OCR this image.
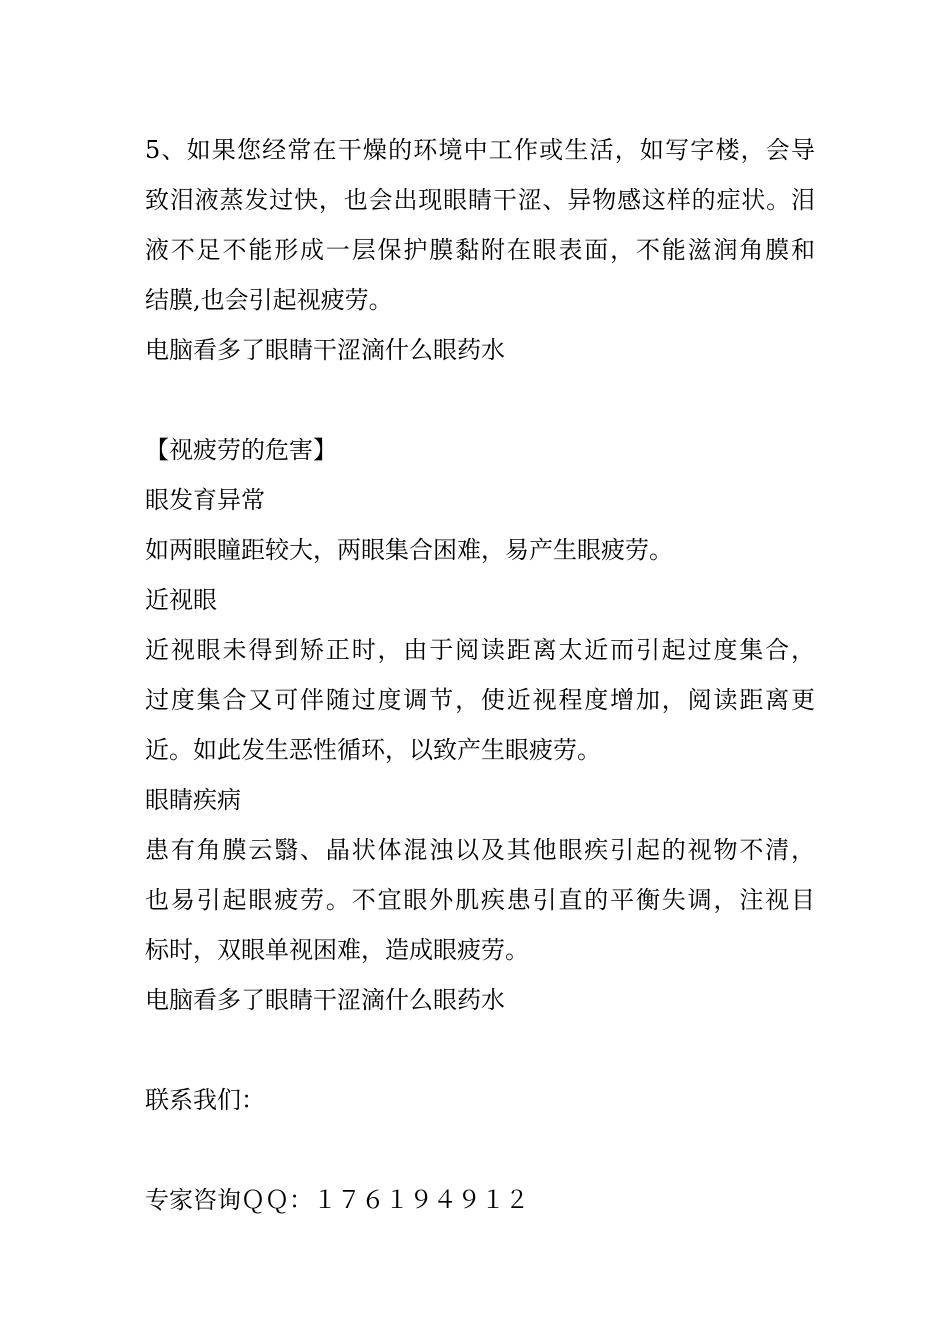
5、如果您经常在干燥的环境中工作或生活，如写字楼，会导
致泪液蒸发过快，也会出现眼睛干涩、异物感这样的症状。泪
液不足不能形成一层保护膜黏附在眼表面，不能滋润角膜和
结膜,也会引起视疲劳。
电脑看多了眼睛干涩滴什么眼药水
【视疲劳的危害】
眼发育异常
如两眼瞳距较大，两眼集合困难，易产生眼疲劳。
近视眼
近视眼未得到矫正时，由于阅读距离太近而引起过度集合，
过度集合又可伴随过度调节，使近视程度增加，阅读距离更
近。如此发生恶性循环，以致产生眼疲劳。
眼睛疾病
患有角膜云翳、晶状体混浊以及其他眼疾引起的视物不清，
也易引起眼疲劳。不宜眼外肌疾患引直的平衡失调，注视目
标时，双眼单视困难，造成眼疲劳。
电脑看多了眼睛干涩滴什么眼药水
联系我们：
专家咨询ＱＱ：１７６１９４９１２
